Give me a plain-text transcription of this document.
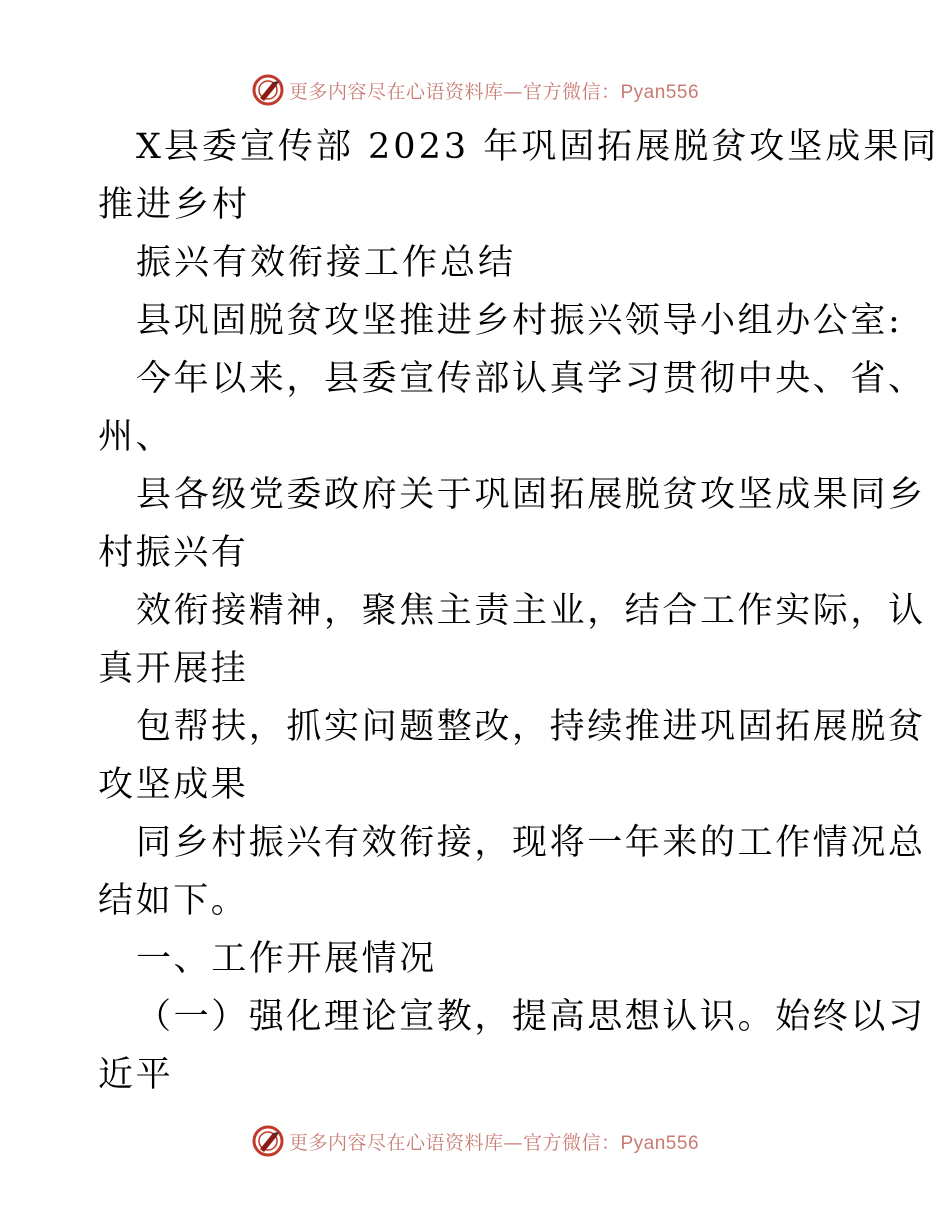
更多内容尽在心语资料库—官方微信：Pyan556

X县委宣传部 2023 年巩固拓展脱贫攻坚成果同

推进乡村

振兴有效衔接工作总结

县巩固脱贫攻坚推进乡村振兴领导小组办公室:

今年以来，县委宣传部认真学习贯彻中央、省、

州、

县各级党委政府关于巩固拓展脱贫攻坚成果同乡

村振兴有

效衔接精神，聚焦主责主业，结合工作实际，认

真开展挂

包帮扶，抓实问题整改，持续推进巩固拓展脱贫

攻坚成果

同乡村振兴有效衔接，现将一年来的工作情况总

结如下。

一、工作开展情况

（一）强化理论宣教，提高思想认识。始终以习

近平

更多内容尽在心语资料库—官方微信：Pyan556
